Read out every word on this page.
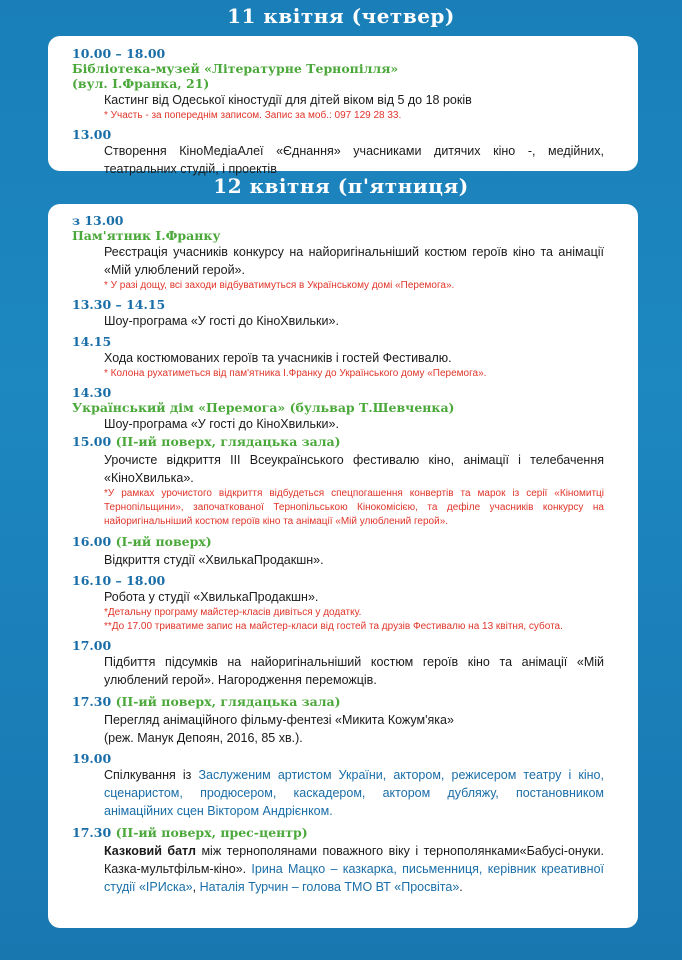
11 квітня (четвер)
10.00 – 18.00
Бібліотека-музей «Літературне Тернопілля»
(вул. І.Франка, 21)
Кастинг від Одеської кіностудії для дітей віком від 5 до 18 років
* Участь - за попереднім записом. Запис за моб.: 097 129 28 33.
13.00
Створення КіноМедіаАлеї «Єднання» учасниками дитячих кіно -, медійних, театральних студій, і проектів
12 квітня (п'ятниця)
з 13.00
Пам'ятник І.Франку
Реєстрація учасників конкурсу на найоригінальніший костюм героїв кіно та анімації «Мій улюблений герой».
* У разі дощу, всі заходи відбуватимуться в Українському домі «Перемога».
13.30 – 14.15
Шоу-програма «У гості до КіноХвильки».
14.15
Хода костюмованих героїв та учасників і гостей Фестивалю.
* Колона рухатиметься від пам'ятника І.Франку до Українського дому «Перемога».
14.30
Український дім «Перемога» (бульвар Т.Шевченка)
Шоу-програма «У гості до КіноХвильки».
15.00 (ІІ-ий поверх, глядацька зала)
Урочисте відкриття ІІІ Всеукраїнського фестивалю кіно, анімації і телебачення «КіноХвилька».
*У рамках урочистого відкриття відбудеться спецпогашення конвертів та марок із серії «Кіномитці Тернопільщини», започаткованої Тернопільською Кінокомісією, та дефіле учасників конкурсу на найоригінальніший костюм героїв кіно та анімації «Мій улюблений герой».
16.00 (І-ий поверх)
Відкриття студії «ХвилькаПродакшн».
16.10 – 18.00
Робота у студії «ХвилькаПродакшн».
*Детальну програму майстер-класів дивіться у додатку.
**До 17.00 триватиме запис на майстер-класи від гостей та друзів Фестивалю на 13 квітня, субота.
17.00
Підбиття підсумків на найоригінальніший костюм героїв кіно та анімації «Мій улюблений герой». Нагородження переможців.
17.30 (ІІ-ий поверх, глядацька зала)
Перегляд анімаційного фільму-фентезі «Микита Кожум'яка»
(реж. Манук Депоян, 2016, 85 хв.).
19.00
Спілкування із Заслуженим артистом України, актором, режисером театру і кіно, сценаристом, продюсером, каскадером, актором дубляжу, постановником анімаційних сцен Віктором Андрієнком.
17.30 (ІІ-ий поверх, прес-центр)
Казковий батл між тернополянами поважного віку і тернополянками«Бабусі-онуки. Казка-мультфільм-кіно». Ірина Мацко – казкарка, письменниця, керівник креативної студії «ІРИска», Наталія Турчин – голова ТМО ВТ «Просвіта».
